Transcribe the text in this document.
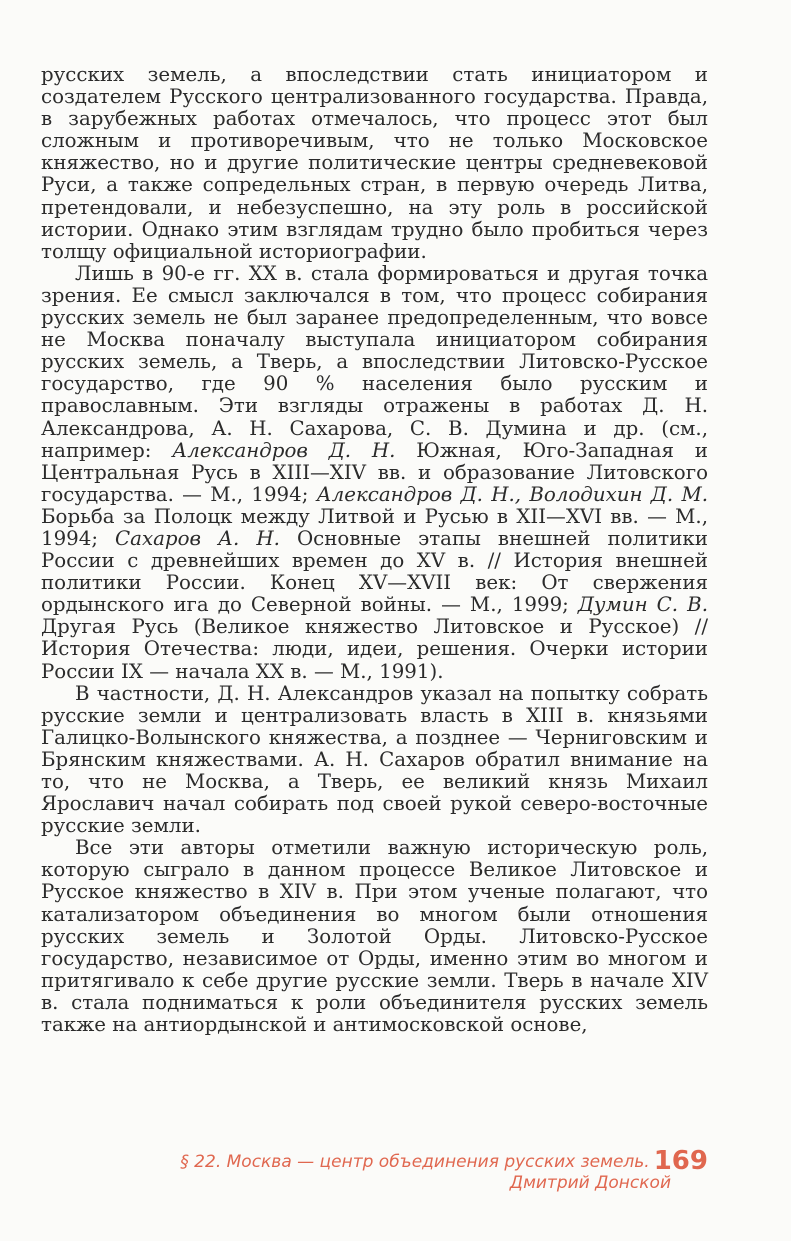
русских земель, а впоследствии стать инициатором и создателем Русского централизованного государства. Правда, в зарубежных работах отмечалось, что процесс этот был сложным и противоречивым, что не только Московское княжество, но и другие политические центры средневековой Руси, а также сопредельных стран, в первую очередь Литва, претендовали, и небезуспешно, на эту роль в российской истории. Однако этим взглядам трудно было пробиться через толщу официальной историографии.

Лишь в 90-е гг. XX в. стала формироваться и другая точка зрения. Ее смысл заключался в том, что процесс собирания русских земель не был заранее предопределенным, что вовсе не Москва поначалу выступала инициатором собирания русских земель, а Тверь, а впоследствии Литовско-Русское государство, где 90 % населения было русским и православным. Эти взгляды отражены в работах Д. Н. Александрова, А. Н. Сахарова, С. В. Думина и др. (см., например: Александров Д. Н. Южная, Юго-Западная и Центральная Русь в XIII—XIV вв. и образование Литовского государства. — М., 1994; Александров Д. Н., Володихин Д. М. Борьба за Полоцк между Литвой и Русью в XII—XVI вв. — М., 1994; Сахаров А. Н. Основные этапы внешней политики России с древнейших времен до XV в. // История внешней политики России. Конец XV—XVII век: От свержения ордынского ига до Северной войны. — М., 1999; Думин С. В. Другая Русь (Великое княжество Литовское и Русское) // История Отечества: люди, идеи, решения. Очерки истории России IX — начала XX в. — М., 1991).

В частности, Д. Н. Александров указал на попытку собрать русские земли и централизовать власть в XIII в. князьями Галицко-Волынского княжества, а позднее — Черниговским и Брянским княжествами. А. Н. Сахаров обратил внимание на то, что не Москва, а Тверь, ее великий князь Михаил Ярославич начал собирать под своей рукой северо-восточные русские земли.

Все эти авторы отметили важную историческую роль, которую сыграло в данном процессе Великое Литовское и Русское княжество в XIV в. При этом ученые полагают, что катализатором объединения во многом были отношения русских земель и Золотой Орды. Литовско-Русское государство, независимое от Орды, именно этим во многом и притягивало к себе другие русские земли. Тверь в начале XIV в. стала подниматься к роли объединителя русских земель также на антиордынской и антимосковской основе,

§ 22. Москва — центр объединения русских земель. 169
Дмитрий Донской
